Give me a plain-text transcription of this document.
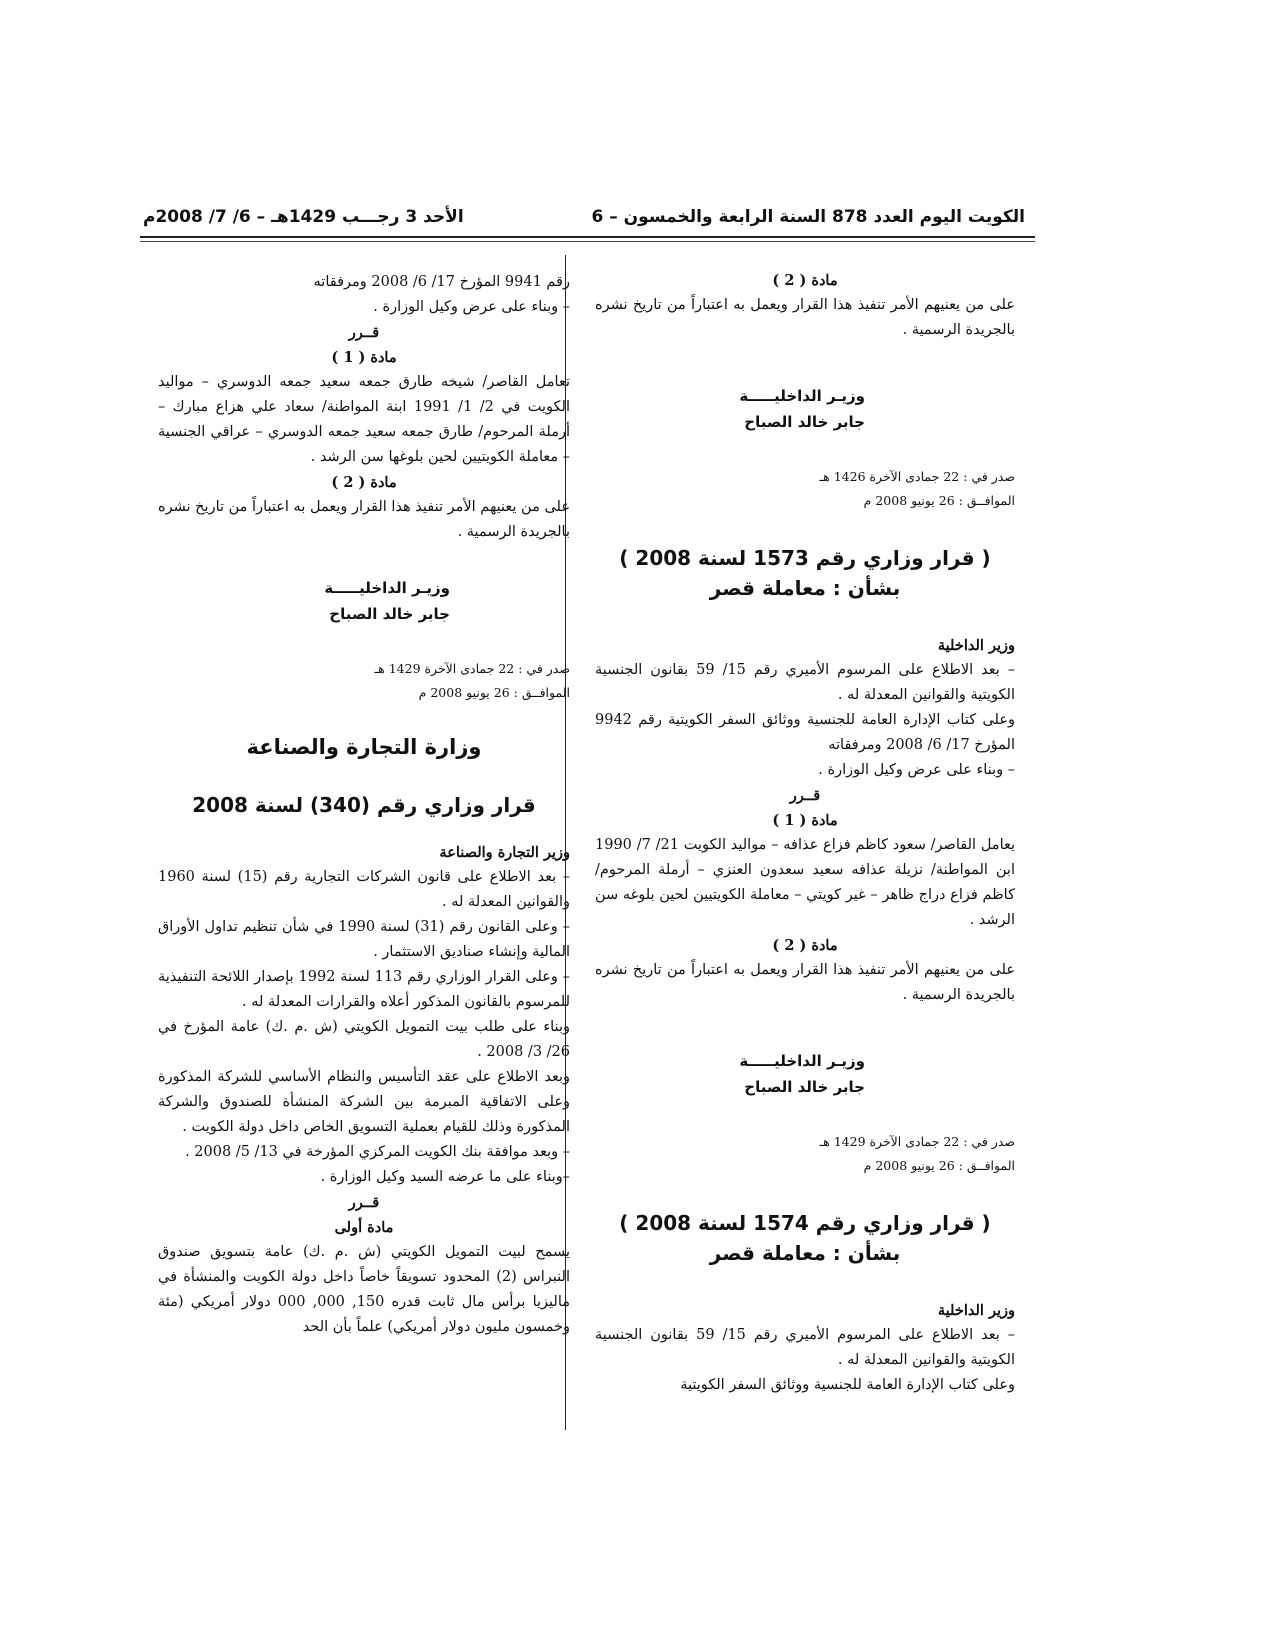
الكويت اليوم العدد 878 السنة الرابعة والخمسون – 6
الأحد 3 رجـــب 1429هـ – 6/ 7/ 2008م

مادة ( 2 )

على من يعنيهم الأمر تنفيذ هذا القرار ويعمل به اعتباراً من تاريخ نشره بالجريدة الرسمية .

وزيـر الداخليـــــة
جابر خالد الصباح
صدر في : 22 جمادى الآخرة 1426 هـ
الموافــق : 26 يونيو 2008 م
( قرار وزاري رقم 1573 لسنة 2008 )
بشأن : معاملة قصر

وزير الداخلية

– بعد الاطلاع على المرسوم الأميري رقم 15/ 59 بقانون الجنسية الكويتية والقوانين المعدلة له .

وعلى كتاب الإدارة العامة للجنسية ووثائق السفر الكويتية رقم 9942 المؤرخ 17/ 6/ 2008 ومرفقاته

– وبناء على عرض وكيل الوزارة .

قــرر

مادة ( 1 )

يعامل القاصر/ سعود كاظم فزاع عذافه – مواليد الكويت 21/ 7/ 1990 ابن المواطنة/ نزيلة عذافه سعيد سعدون العنزي – أرملة المرحوم/ كاظم فزاع دراج ظاهر – غير كويتي – معاملة الكويتيين لحين بلوغه سن الرشد .

مادة ( 2 )

على من يعنيهم الأمر تنفيذ هذا القرار ويعمل به اعتباراً من تاريخ نشره بالجريدة الرسمية .

وزيـر الداخليـــــة
جابر خالد الصباح
صدر في : 22 جمادى الآخرة 1429 هـ
الموافــق : 26 يونيو 2008 م
( قرار وزاري رقم 1574 لسنة 2008 )
بشأن : معاملة قصر

وزير الداخلية

– بعد الاطلاع على المرسوم الأميري رقم 15/ 59 بقانون الجنسية الكويتية والقوانين المعدلة له .

وعلى كتاب الإدارة العامة للجنسية ووثائق السفر الكويتية

رقم 9941 المؤرخ 17/ 6/ 2008 ومرفقاته

– وبناء على عرض وكيل الوزارة .

قــرر

مادة ( 1 )

تعامل القاصر/ شيخه طارق جمعه سعيد جمعه الدوسري – مواليد الكويت في 2/ 1/ 1991 ابنة المواطنة/ سعاد علي هزاع مبارك – أرملة المرحوم/ طارق جمعه سعيد جمعه الدوسري – عراقي الجنسية – معاملة الكويتيين لحين بلوغها سن الرشد .

مادة ( 2 )

على من يعنيهم الأمر تنفيذ هذا القرار ويعمل به اعتباراً من تاريخ نشره بالجريدة الرسمية .

وزيـر الداخليـــــة
جابر خالد الصباح
صدر في : 22 جمادى الآخرة 1429 هـ
الموافــق : 26 يونيو 2008 م
وزارة التجارة والصناعة
قرار وزاري رقم (340) لسنة 2008

وزير التجارة والصناعة

– بعد الاطلاع على قانون الشركات التجارية رقم (15) لسنة 1960 والقوانين المعدلة له .

– وعلى القانون رقم (31) لسنة 1990 في شأن تنظيم تداول الأوراق المالية وإنشاء صناديق الاستثمار .

– وعلى القرار الوزاري رقم 113 لسنة 1992 بإصدار اللائحة التنفيذية للمرسوم بالقانون المذكور أعلاه والقرارات المعدلة له .

وبناء على طلب بيت التمويل الكويتي (ش .م .ك) عامة المؤرخ في 26/ 3/ 2008 .

وبعد الاطلاع على عقد التأسيس والنظام الأساسي للشركة المذكورة وعلى الاتفاقية المبرمة بين الشركة المنشأة للصندوق والشركة المذكورة وذلك للقيام بعملية التسويق الخاص داخل دولة الكويت .

– وبعد موافقة بنك الكويت المركزي المؤرخة في 13/ 5/ 2008 .

–وبناء على ما عرضه السيد وكيل الوزارة .

قــرر

مادة أولى

يسمح لبيت التمويل الكويتي (ش .م .ك) عامة بتسويق صندوق النبراس (2) المحدود تسويقاً خاصاً داخل دولة الكويت والمنشأة في ماليزيا برأس مال ثابت قدره 150, 000, 000 دولار أمريكي (مئة وخمسون مليون دولار أمريكي) علماً بأن الحد
